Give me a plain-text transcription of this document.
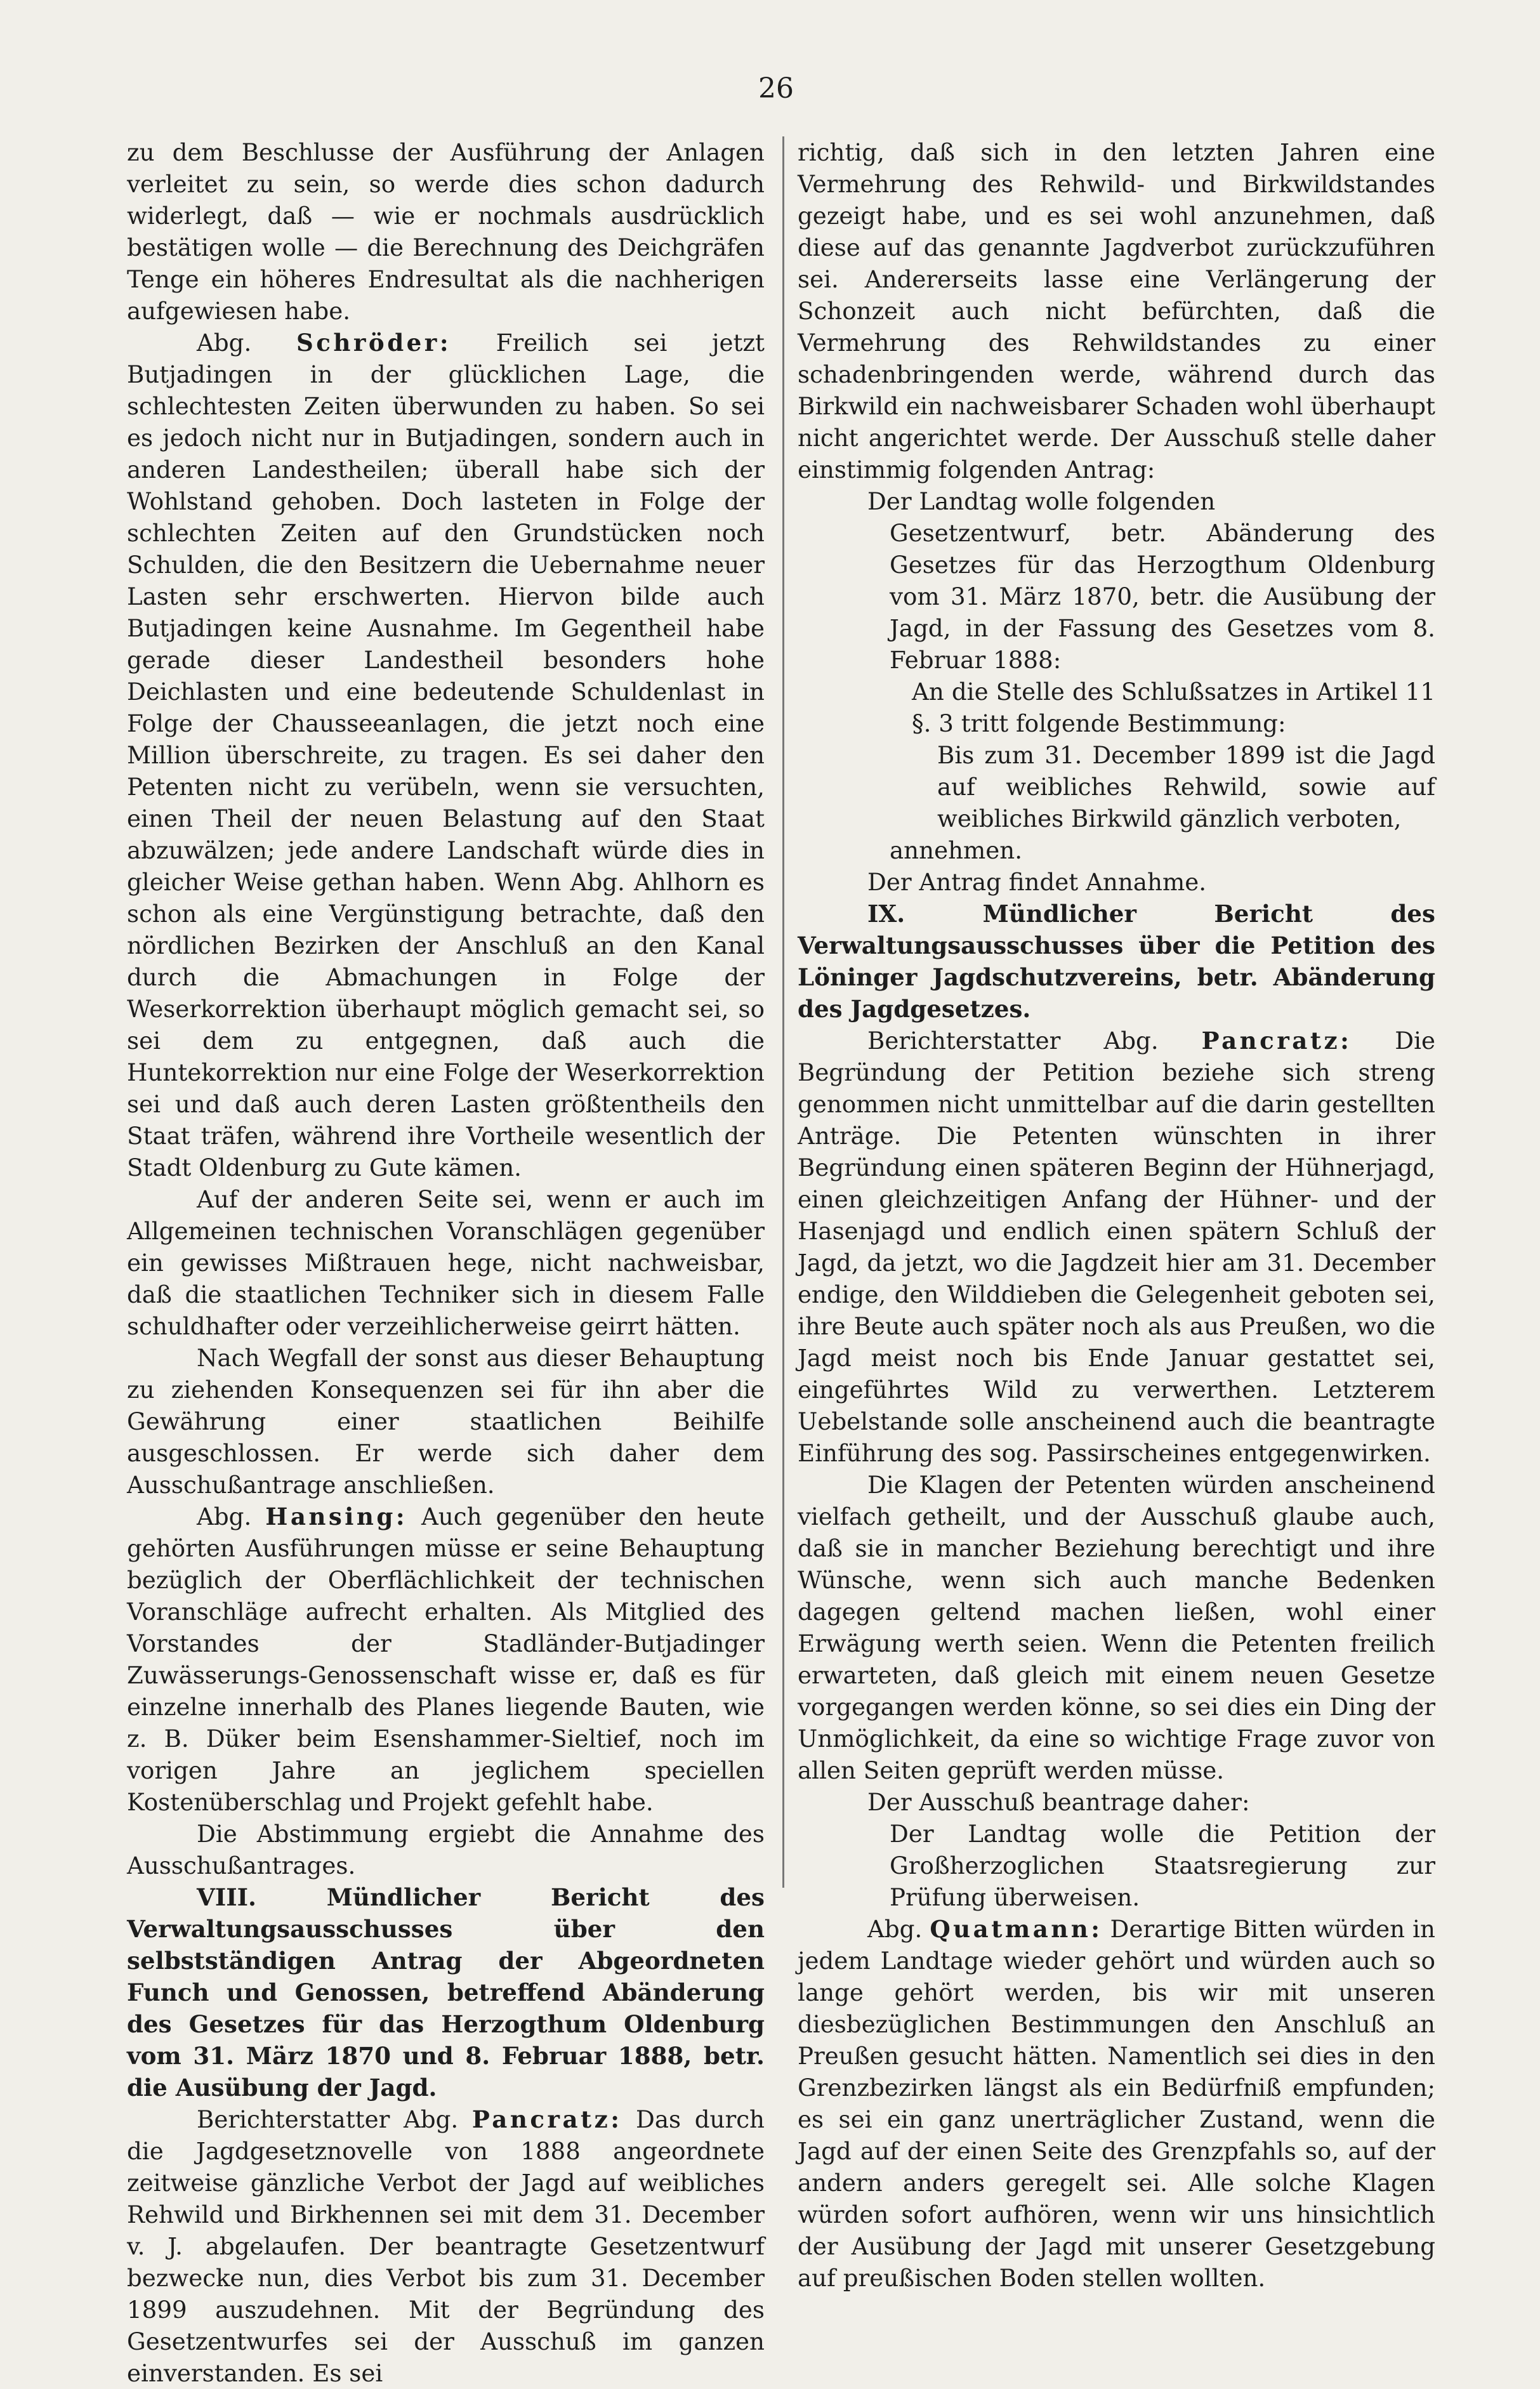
26

zu dem Beschlusse der Ausführung der Anlagen verleitet zu sein, so werde dies schon dadurch widerlegt, daß — wie er nochmals ausdrücklich bestätigen wolle — die Berechnung des Deichgräfen Tenge ein höheres Endresultat als die nachherigen aufgewiesen habe.

Abg. Schröder: Freilich sei jetzt Butjadingen in der glücklichen Lage, die schlechtesten Zeiten überwunden zu haben. So sei es jedoch nicht nur in Butjadingen, sondern auch in anderen Landestheilen; überall habe sich der Wohlstand gehoben. Doch lasteten in Folge der schlechten Zeiten auf den Grundstücken noch Schulden, die den Besitzern die Uebernahme neuer Lasten sehr erschwerten. Hiervon bilde auch Butjadingen keine Ausnahme. Im Gegentheil habe gerade dieser Landestheil besonders hohe Deichlasten und eine bedeutende Schuldenlast in Folge der Chausseeanlagen, die jetzt noch eine Million überschreite, zu tragen. Es sei daher den Petenten nicht zu verübeln, wenn sie versuchten, einen Theil der neuen Belastung auf den Staat abzuwälzen; jede andere Landschaft würde dies in gleicher Weise gethan haben. Wenn Abg. Ahlhorn es schon als eine Vergünstigung betrachte, daß den nördlichen Bezirken der Anschluß an den Kanal durch die Abmachungen in Folge der Weserkorrektion überhaupt möglich gemacht sei, so sei dem zu entgegnen, daß auch die Huntekorrektion nur eine Folge der Weserkorrektion sei und daß auch deren Lasten größtentheils den Staat träfen, während ihre Vortheile wesentlich der Stadt Oldenburg zu Gute kämen.

Auf der anderen Seite sei, wenn er auch im Allgemeinen technischen Voranschlägen gegenüber ein gewisses Mißtrauen hege, nicht nachweisbar, daß die staatlichen Techniker sich in diesem Falle schuldhafter oder verzeihlicherweise geirrt hätten.

Nach Wegfall der sonst aus dieser Behauptung zu ziehenden Konsequenzen sei für ihn aber die Gewährung einer staatlichen Beihilfe ausgeschlossen. Er werde sich daher dem Ausschußantrage anschließen.

Abg. Hansing: Auch gegenüber den heute gehörten Ausführungen müsse er seine Behauptung bezüglich der Oberflächlichkeit der technischen Voranschläge aufrecht erhalten. Als Mitglied des Vorstandes der Stadländer-Butjadinger Zuwässerungs-Genossenschaft wisse er, daß es für einzelne innerhalb des Planes liegende Bauten, wie z. B. Düker beim Esenshammer-Sieltief, noch im vorigen Jahre an jeglichem speciellen Kostenüberschlag und Projekt gefehlt habe.

Die Abstimmung ergiebt die Annahme des Ausschußantrages.

VIII.	Mündlicher Bericht des Verwaltungsausschusses über den selbstständigen Antrag der Abgeordneten Funch und Genossen, betreffend Abänderung des Gesetzes für das Herzogthum Oldenburg vom 31. März 1870 und 8. Februar 1888, betr. die Ausübung der Jagd.

Berichterstatter Abg. Pancratz: Das durch die Jagdgesetznovelle von 1888 angeordnete zeitweise gänzliche Verbot der Jagd auf weibliches Rehwild und Birkhennen sei mit dem 31. December v. J. abgelaufen. Der beantragte Gesetzentwurf bezwecke nun, dies Verbot bis zum 31. December 1899 auszudehnen. Mit der Begründung des Gesetzentwurfes sei der Ausschuß im ganzen einverstanden. Es sei

richtig, daß sich in den letzten Jahren eine Vermehrung des Rehwild- und Birkwildstandes gezeigt habe, und es sei wohl anzunehmen, daß diese auf das genannte Jagdverbot zurückzuführen sei. Andererseits lasse eine Verlängerung der Schonzeit auch nicht befürchten, daß die Vermehrung des Rehwildstandes zu einer schadenbringenden werde, während durch das Birkwild ein nachweisbarer Schaden wohl überhaupt nicht angerichtet werde. Der Ausschuß stelle daher einstimmig folgenden Antrag:

Der Landtag wolle folgenden

Gesetzentwurf, betr. Abänderung des Gesetzes für das Herzogthum Oldenburg vom 31. März 1870, betr. die Ausübung der Jagd, in der Fassung des Gesetzes vom 8. Februar 1888:

An die Stelle des Schlußsatzes in Artikel 11 §. 3 tritt folgende Bestimmung:

Bis zum 31. December 1899 ist die Jagd auf weibliches Rehwild, sowie auf weibliches Birkwild gänzlich verboten,

annehmen.

Der Antrag findet Annahme.

IX.	Mündlicher Bericht des Verwaltungsausschusses über die Petition des Löninger Jagdschutzvereins, betr. Abänderung des Jagdgesetzes.

Berichterstatter Abg. Pancratz: Die Begründung der Petition beziehe sich streng genommen nicht unmittelbar auf die darin gestellten Anträge. Die Petenten wünschten in ihrer Begründung einen späteren Beginn der Hühnerjagd, einen gleichzeitigen Anfang der Hühner- und der Hasenjagd und endlich einen spätern Schluß der Jagd, da jetzt, wo die Jagdzeit hier am 31. December endige, den Wilddieben die Gelegenheit geboten sei, ihre Beute auch später noch als aus Preußen, wo die Jagd meist noch bis Ende Januar gestattet sei, eingeführtes Wild zu verwerthen. Letzterem Uebelstande solle anscheinend auch die beantragte Einführung des sog. Passirscheines entgegenwirken.

Die Klagen der Petenten würden anscheinend vielfach getheilt, und der Ausschuß glaube auch, daß sie in mancher Beziehung berechtigt und ihre Wünsche, wenn sich auch manche Bedenken dagegen geltend machen ließen, wohl einer Erwägung werth seien. Wenn die Petenten freilich erwarteten, daß gleich mit einem neuen Gesetze vorgegangen werden könne, so sei dies ein Ding der Unmöglichkeit, da eine so wichtige Frage zuvor von allen Seiten geprüft werden müsse.

Der Ausschuß beantrage daher:

Der Landtag wolle die Petition der Großherzoglichen Staatsregierung zur Prüfung überweisen.

Abg. Quatmann: Derartige Bitten würden in jedem Landtage wieder gehört und würden auch so lange gehört werden, bis wir mit unseren diesbezüglichen Bestimmungen den Anschluß an Preußen gesucht hätten. Namentlich sei dies in den Grenzbezirken längst als ein Bedürfniß empfunden; es sei ein ganz unerträglicher Zustand, wenn die Jagd auf der einen Seite des Grenzpfahls so, auf der andern anders geregelt sei. Alle solche Klagen würden sofort aufhören, wenn wir uns hinsichtlich der Ausübung der Jagd mit unserer Gesetzgebung auf preußischen Boden stellen wollten.
